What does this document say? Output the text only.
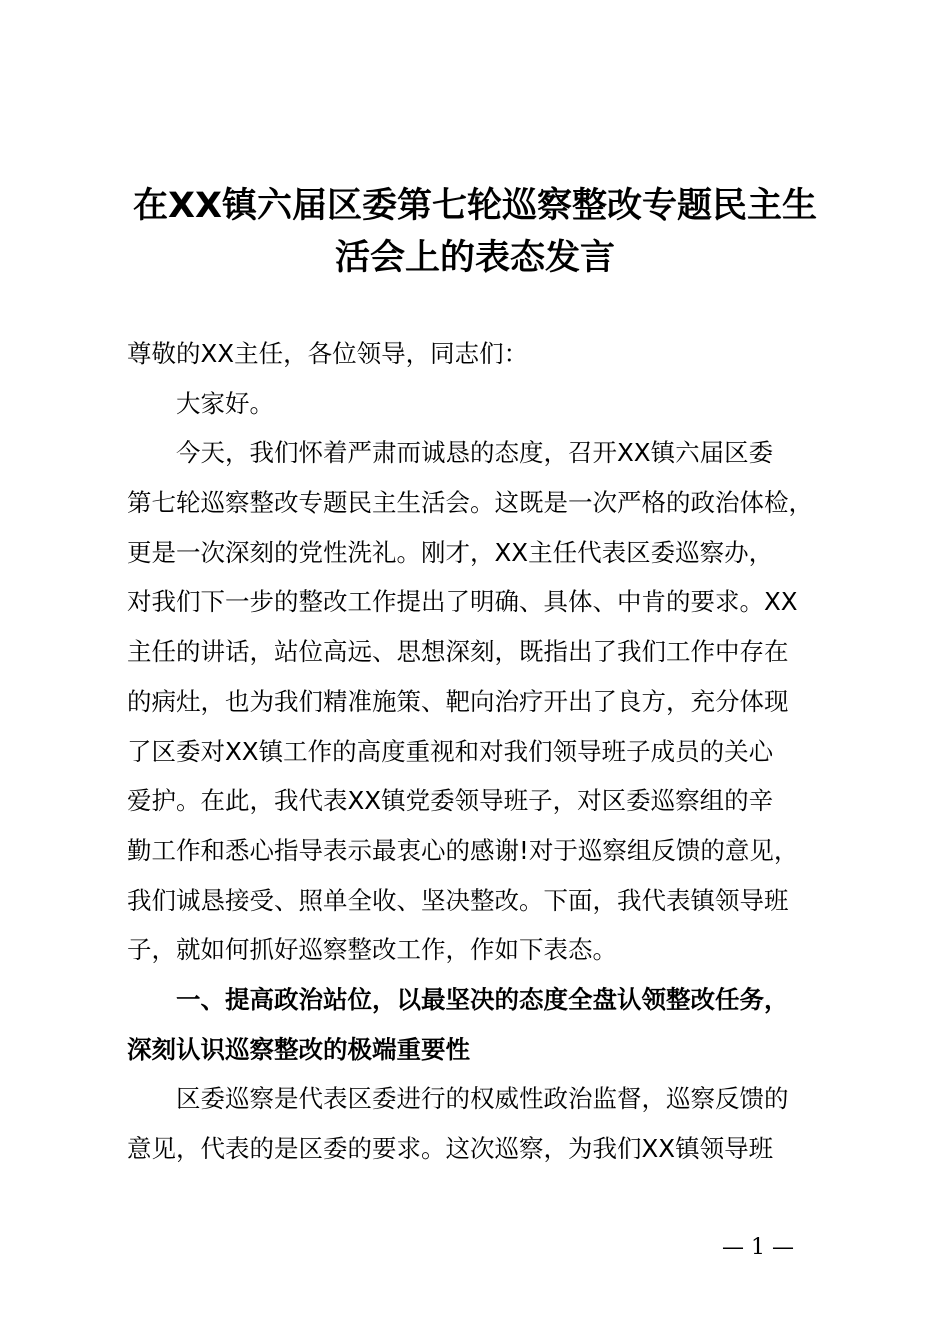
在XX镇六届区委第七轮巡察整改专题民主生
活会上的表态发言
尊敬的XX主任，各位领导，同志们：
大家好。
今天，我们怀着严肃而诚恳的态度，召开XX镇六届区委
第七轮巡察整改专题民主生活会。这既是一次严格的政治体检，
更是一次深刻的党性洗礼。刚才，XX主任代表区委巡察办，
对我们下一步的整改工作提出了明确、具体、中肯的要求。XX
主任的讲话，站位高远、思想深刻，既指出了我们工作中存在
的病灶，也为我们精准施策、靶向治疗开出了良方，充分体现
了区委对XX镇工作的高度重视和对我们领导班子成员的关心
爱护。在此，我代表XX镇党委领导班子，对区委巡察组的辛
勤工作和悉心指导表示最衷心的感谢!对于巡察组反馈的意见，
我们诚恳接受、照单全收、坚决整改。下面，我代表镇领导班
子，就如何抓好巡察整改工作，作如下表态。
一、提高政治站位，以最坚决的态度全盘认领整改任务，
深刻认识巡察整改的极端重要性
区委巡察是代表区委进行的权威性政治监督，巡察反馈的
意见，代表的是区委的要求。这次巡察，为我们XX镇领导班
— 1 —
